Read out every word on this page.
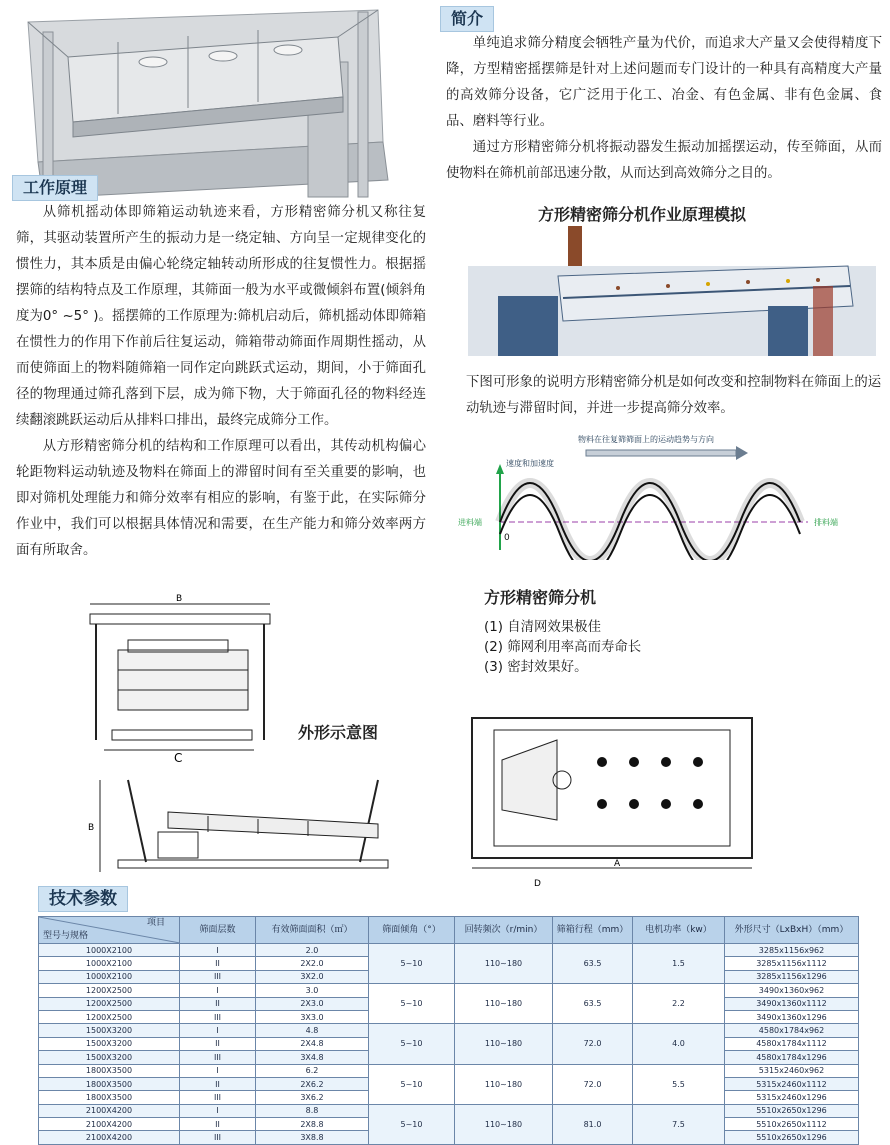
简介

单纯追求筛分精度会牺牲产量为代价，而追求大产量又会使得精度下降，方型精密摇摆筛是针对上述问题而专门设计的一种具有高精度大产量的高效筛分设备，它广泛用于化工、冶金、有色金属、非有色金属、食品、磨料等行业。

通过方形精密筛分机将振动器发生振动加摇摆运动，传至筛面，从而使物料在筛机前部迅速分散，从而达到高效筛分之目的。

工作原理

从筛机摇动体即筛箱运动轨迹来看，方形精密筛分机又称往复筛，其驱动装置所产生的振动力是一绕定轴、方向呈一定规律变化的惯性力，其本质是由偏心轮绕定轴转动所形成的往复惯性力。根据摇摆筛的结构特点及工作原理，其筛面一般为水平或微倾斜布置(倾斜角度为0° ~5° )。摇摆筛的工作原理为:筛机启动后，筛机摇动体即筛箱在惯性力的作用下作前后往复运动，筛箱带动筛面作周期性摇动，从而使筛面上的物料随筛箱一同作定向跳跃式运动，期间，小于筛面孔径的物理通过筛孔落到下层，成为筛下物，大于筛面孔径的物料经连续翻滚跳跃运动后从排料口排出，最终完成筛分工作。

从方形精密筛分机的结构和工作原理可以看出，其传动机构偏心轮距物料运动轨迹及物料在筛面上的滞留时间有至关重要的影响，也即对筛机处理能力和筛分效率有相应的影响，有鉴于此，在实际筛分作业中，我们可以根据具体情况和需要，在生产能力和筛分效率两方面有所取舍。

方形精密筛分机作业原理模拟

下图可形象的说明方形精密筛分机是如何改变和控制物料在筛面上的运动轨迹与滞留时间，并进一步提高筛分效率。

物料在往复筛筛面上的运动趋势与方向
速度和加速度
进料端	排料端
0
方形精密筛分机
(1) 自清网效果极佳
(2) 筛网利用率高而寿命长
(3) 密封效果好。
B
C
外形示意图
B
A
D
技术参数
项目
型号与规格	筛面层数	有效筛面面积（㎡）	筛面倾角（°）	回转频次（r/min）	筛箱行程（mm）	电机功率（kw）	外形尺寸（LxBxH）（mm）
1000X2100	I	2.0	5~10	110~180	63.5	1.5	3285x1156x962
1000X2100	II	2X2.0					3285x1156x1112
1000X2100	III	3X2.0					3285x1156x1296
1200X2500	I	3.0	5~10	110~180	63.5	2.2	3490x1360x962
1200X2500	II	2X3.0					3490x1360x1112
1200X2500	III	3X3.0					3490x1360x1296
1500X3200	I	4.8	5~10	110~180	72.0	4.0	4580x1784x962
1500X3200	II	2X4.8					4580x1784x1112
1500X3200	III	3X4.8					4580x1784x1296
1800X3500	I	6.2	5~10	110~180	72.0	5.5	5315x2460x962
1800X3500	II	2X6.2					5315x2460x1112
1800X3500	III	3X6.2					5315x2460x1296
2100X4200	I	8.8	5~10	110~180	81.0	7.5	5510x2650x1296
2100X4200	II	2X8.8					5510x2650x1112
2100X4200	III	3X8.8					5510x2650x1296
